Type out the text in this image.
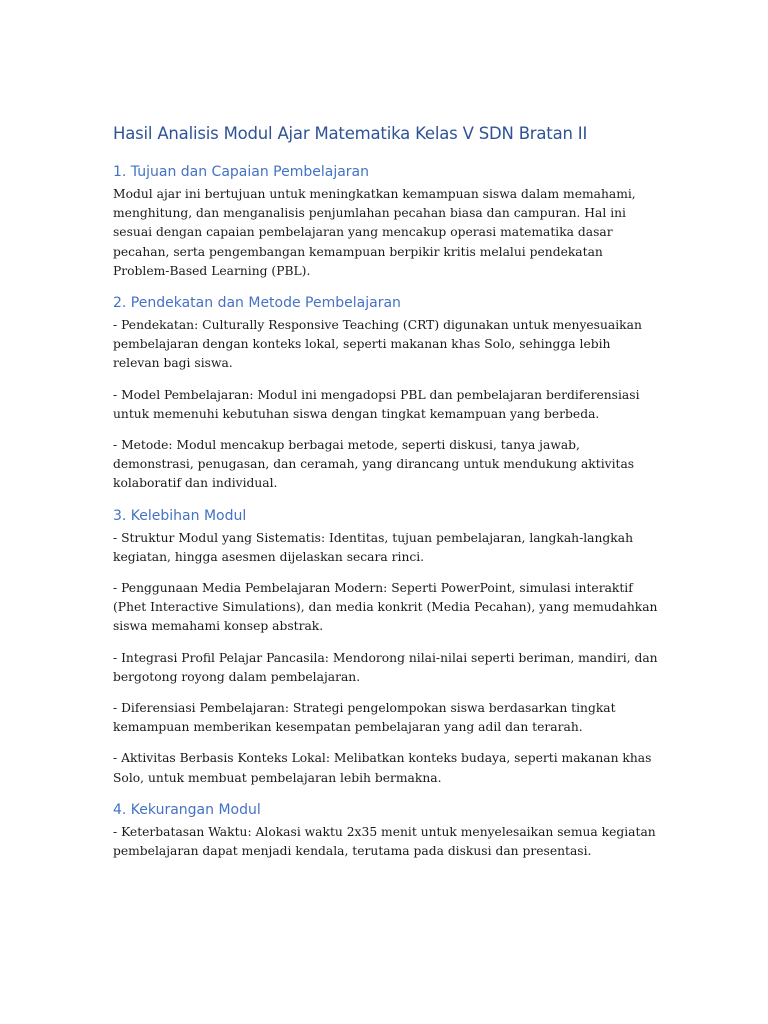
Hasil Analisis Modul Ajar Matematika Kelas V SDN Bratan II
1. Tujuan dan Capaian Pembelajaran

Modul ajar ini bertujuan untuk meningkatkan kemampuan siswa dalam memahami, menghitung, dan menganalisis penjumlahan pecahan biasa dan campuran. Hal ini sesuai dengan capaian pembelajaran yang mencakup operasi matematika dasar pecahan, serta pengembangan kemampuan berpikir kritis melalui pendekatan Problem-Based Learning (PBL).

2. Pendekatan dan Metode Pembelajaran

- Pendekatan: Culturally Responsive Teaching (CRT) digunakan untuk menyesuaikan pembelajaran dengan konteks lokal, seperti makanan khas Solo, sehingga lebih relevan bagi siswa.

- Model Pembelajaran: Modul ini mengadopsi PBL dan pembelajaran berdiferensiasi untuk memenuhi kebutuhan siswa dengan tingkat kemampuan yang berbeda.

- Metode: Modul mencakup berbagai metode, seperti diskusi, tanya jawab, demonstrasi, penugasan, dan ceramah, yang dirancang untuk mendukung aktivitas kolaboratif dan individual.

3. Kelebihan Modul

- Struktur Modul yang Sistematis: Identitas, tujuan pembelajaran, langkah-langkah kegiatan, hingga asesmen dijelaskan secara rinci.

- Penggunaan Media Pembelajaran Modern: Seperti PowerPoint, simulasi interaktif (Phet Interactive Simulations), dan media konkrit (Media Pecahan), yang memudahkan siswa memahami konsep abstrak.

- Integrasi Profil Pelajar Pancasila: Mendorong nilai-nilai seperti beriman, mandiri, dan bergotong royong dalam pembelajaran.

- Diferensiasi Pembelajaran: Strategi pengelompokan siswa berdasarkan tingkat kemampuan memberikan kesempatan pembelajaran yang adil dan terarah.

- Aktivitas Berbasis Konteks Lokal: Melibatkan konteks budaya, seperti makanan khas Solo, untuk membuat pembelajaran lebih bermakna.

4. Kekurangan Modul

- Keterbatasan Waktu: Alokasi waktu 2x35 menit untuk menyelesaikan semua kegiatan pembelajaran dapat menjadi kendala, terutama pada diskusi dan presentasi.
